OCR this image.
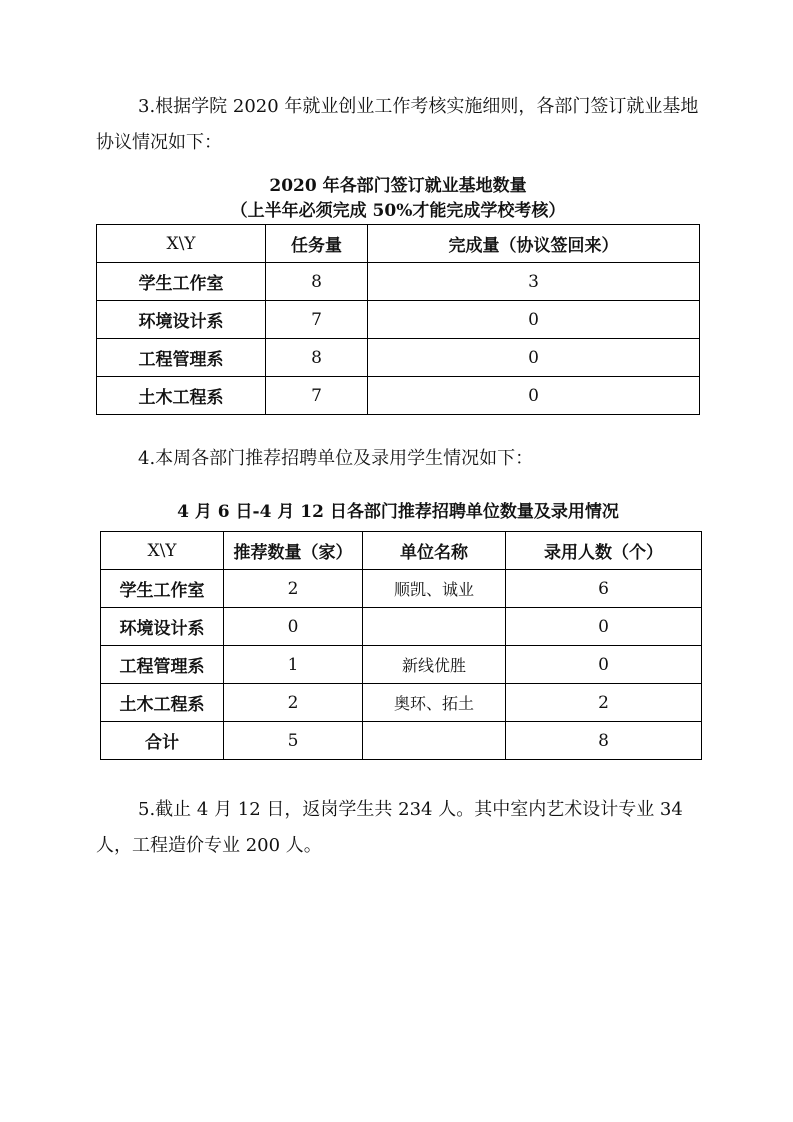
3.根据学院 2020 年就业创业工作考核实施细则，各部门签订就业基地协议情况如下：

2020 年各部门签订就业基地数量

（上半年必须完成 50%才能完成学校考核）

X\Y	任务量	完成量（协议签回来）
学生工作室	8	3
环境设计系	7	0
工程管理系	8	0
土木工程系	7	0

4.本周各部门推荐招聘单位及录用学生情况如下：

4 月 6 日-4 月 12 日各部门推荐招聘单位数量及录用情况

X\Y	推荐数量（家）	单位名称	录用人数（个）
学生工作室	2	顺凯、诚业	6
环境设计系	0		0
工程管理系	1	新线优胜	0
土木工程系	2	奥环、拓土	2
合计	5		8

5.截止 4 月 12 日，返岗学生共 234 人。其中室内艺术设计专业 34 人，工程造价专业 200 人。
